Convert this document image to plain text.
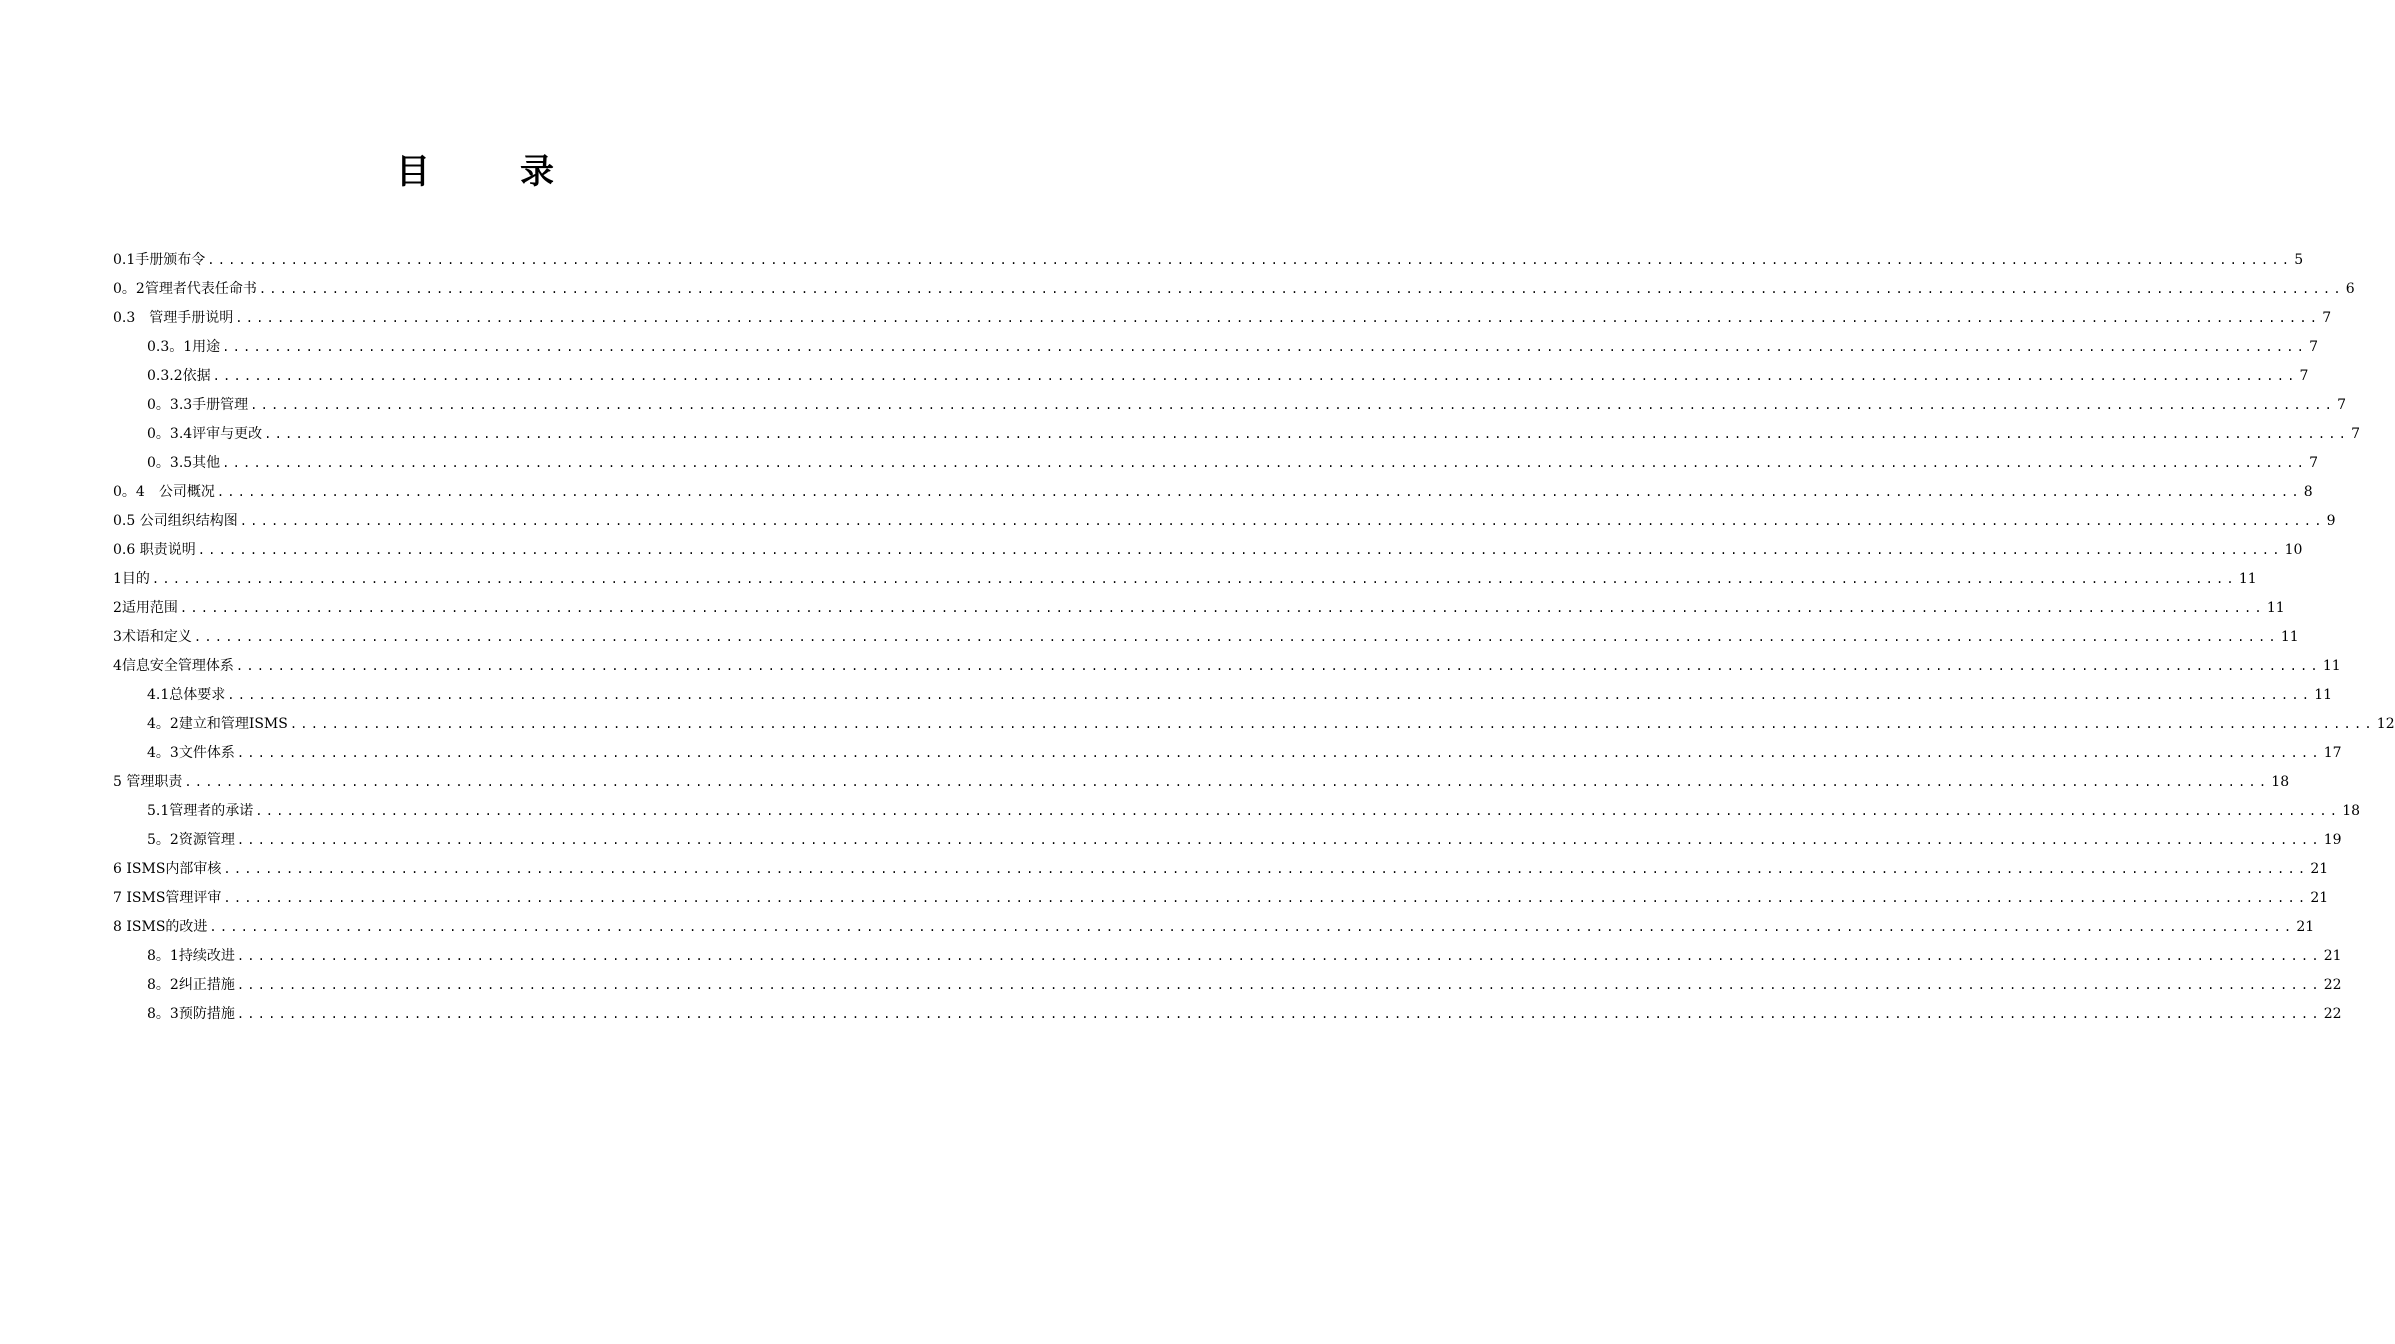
目　录
0.1手册颁布令 ........................................................................................................................................................................................................ 5
0。2管理者代表任命书 ........................................................................................................................................................................................................ 6
0.3　管理手册说明 ........................................................................................................................................................................................................ 7
0.3。1用途 ........................................................................................................................................................................................................ 7
0.3.2依据 ........................................................................................................................................................................................................ 7
0。3.3手册管理 ........................................................................................................................................................................................................ 7
0。3.4评审与更改 ........................................................................................................................................................................................................ 7
0。3.5其他 ........................................................................................................................................................................................................ 7
0。4　公司概况 ........................................................................................................................................................................................................ 8
0.5 公司组织结构图 ........................................................................................................................................................................................................ 9
0.6 职责说明 ........................................................................................................................................................................................................ 10
1目的 ........................................................................................................................................................................................................ 11
2适用范围 ........................................................................................................................................................................................................ 11
3术语和定义 ........................................................................................................................................................................................................ 11
4信息安全管理体系 ........................................................................................................................................................................................................ 11
4.1总体要求 ........................................................................................................................................................................................................ 11
4。2建立和管理ISMS ........................................................................................................................................................................................................ 12
4。3文件体系 ........................................................................................................................................................................................................ 17
5 管理职责 ........................................................................................................................................................................................................ 18
5.1管理者的承诺 ........................................................................................................................................................................................................ 18
5。2资源管理 ........................................................................................................................................................................................................ 19
6 ISMS内部审核 ........................................................................................................................................................................................................ 21
7 ISMS管理评审 ........................................................................................................................................................................................................ 21
8 ISMS的改进 ........................................................................................................................................................................................................ 21
8。1持续改进 ........................................................................................................................................................................................................ 21
8。2纠正措施 ........................................................................................................................................................................................................ 22
8。3预防措施 ........................................................................................................................................................................................................ 22
